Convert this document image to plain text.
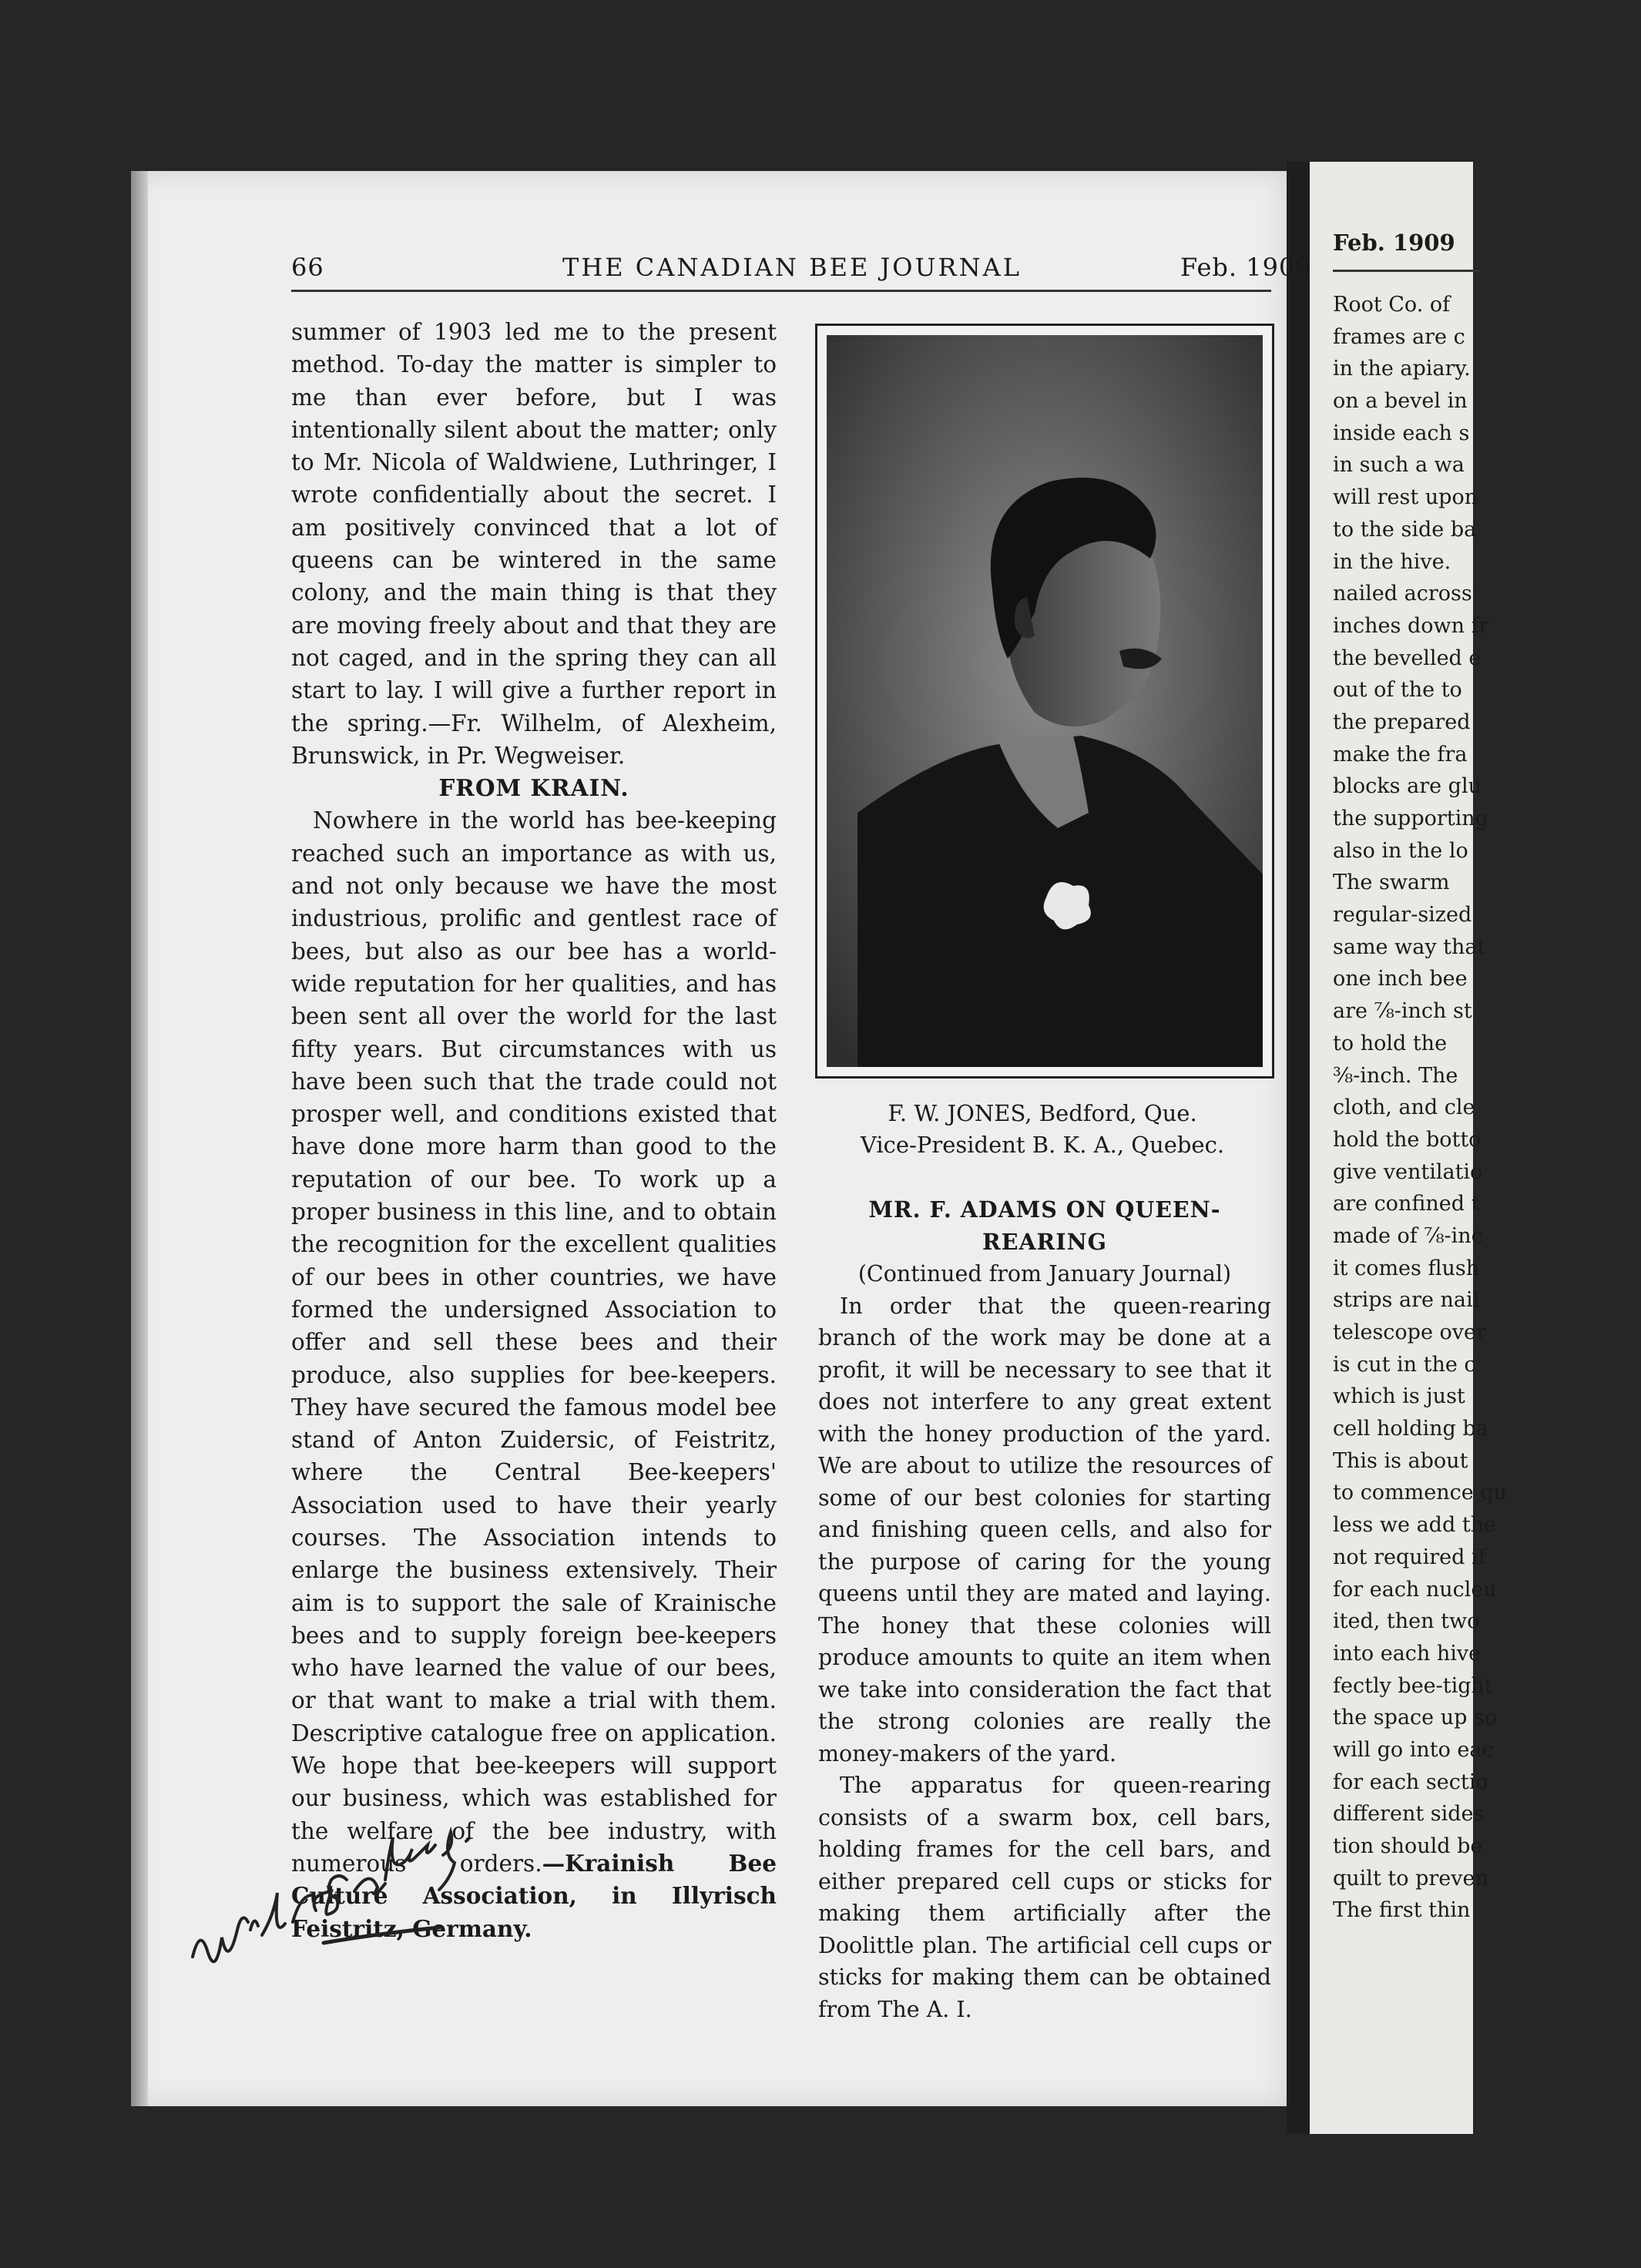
Feb. 1909
Root Co. of
frames are c
in the apiary.
on a bevel in
inside each s
in such a wa
will rest upon
to the side ba
in the hive.
nailed across
inches down fr
the bevelled e
out of the to
the prepared
make the fra
blocks are glu
the supporting
also in the lo
The swarm
regular-sized
same way that
one inch bee
are ⅞-inch st
to hold the
⅜-inch. The
cloth, and cle
hold the botto
give ventilatio
are confined t
made of ⅞-inc
it comes flush
strips are nail
telescope over
is cut in the c
which is just
cell holding ba
This is about
to commence qu
less we add the
not required if
for each nucleu
ited, then two
into each hive
fectly bee-tight
the space up so
will go into eac
for each sectio
different sides
tion should be
quilt to preven
The first thin
66	THE CANADIAN BEE JOURNAL	Feb. 1909

summer of 1903 led me to the present method. To-day the matter is simpler to me than ever before, but I was intentionally silent about the matter; only to Mr. Nicola of Waldwiene, Luthringer, I wrote confidentially about the secret. I am positively convinced that a lot of queens can be wintered in the same colony, and the main thing is that they are moving freely about and that they are not caged, and in the spring they can all start to lay. I will give a further report in the spring.—Fr. Wilhelm, of Alexheim, Brunswick, in Pr. Wegweiser.

FROM KRAIN.

Nowhere in the world has bee-keeping reached such an importance as with us, and not only because we have the most industrious, prolific and gentlest race of bees, but also as our bee has a world-wide reputation for her qualities, and has been sent all over the world for the last fifty years. But circumstances with us have been such that the trade could not prosper well, and conditions existed that have done more harm than good to the reputation of our bee. To work up a proper business in this line, and to obtain the recognition for the excellent qualities of our bees in other countries, we have formed the undersigned Association to offer and sell these bees and their produce, also supplies for bee-keepers. They have secured the famous model bee stand of Anton Zuidersic, of Feistritz, where the Central Bee-keepers' Association used to have their yearly courses. The Association intends to enlarge the business extensively. Their aim is to support the sale of Krainische bees and to supply foreign bee-keepers who have learned the value of our bees, or that want to make a trial with them. Descriptive catalogue free on application. We hope that bee-keepers will support our business, which was established for the welfare of the bee industry, with numerous orders.—Krainish Bee Culture Association, in Illyrisch Feistritz, Germany.

F. W. JONES, Bedford, Que.
Vice-President B. K. A., Quebec.

MR. F. ADAMS ON QUEEN-REARING

(Continued from January Journal)

In order that the queen-rearing branch of the work may be done at a profit, it will be necessary to see that it does not interfere to any great extent with the honey production of the yard. We are about to utilize the resources of some of our best colonies for starting and finishing queen cells, and also for the purpose of caring for the young queens until they are mated and laying. The honey that these colonies will produce amounts to quite an item when we take into consideration the fact that the strong colonies are really the money-makers of the yard.

The apparatus for queen-rearing consists of a swarm box, cell bars, holding frames for the cell bars, and either prepared cell cups or sticks for making them artificially after the Doolittle plan. The artificial cell cups or sticks for making them can be obtained from The A. I.
